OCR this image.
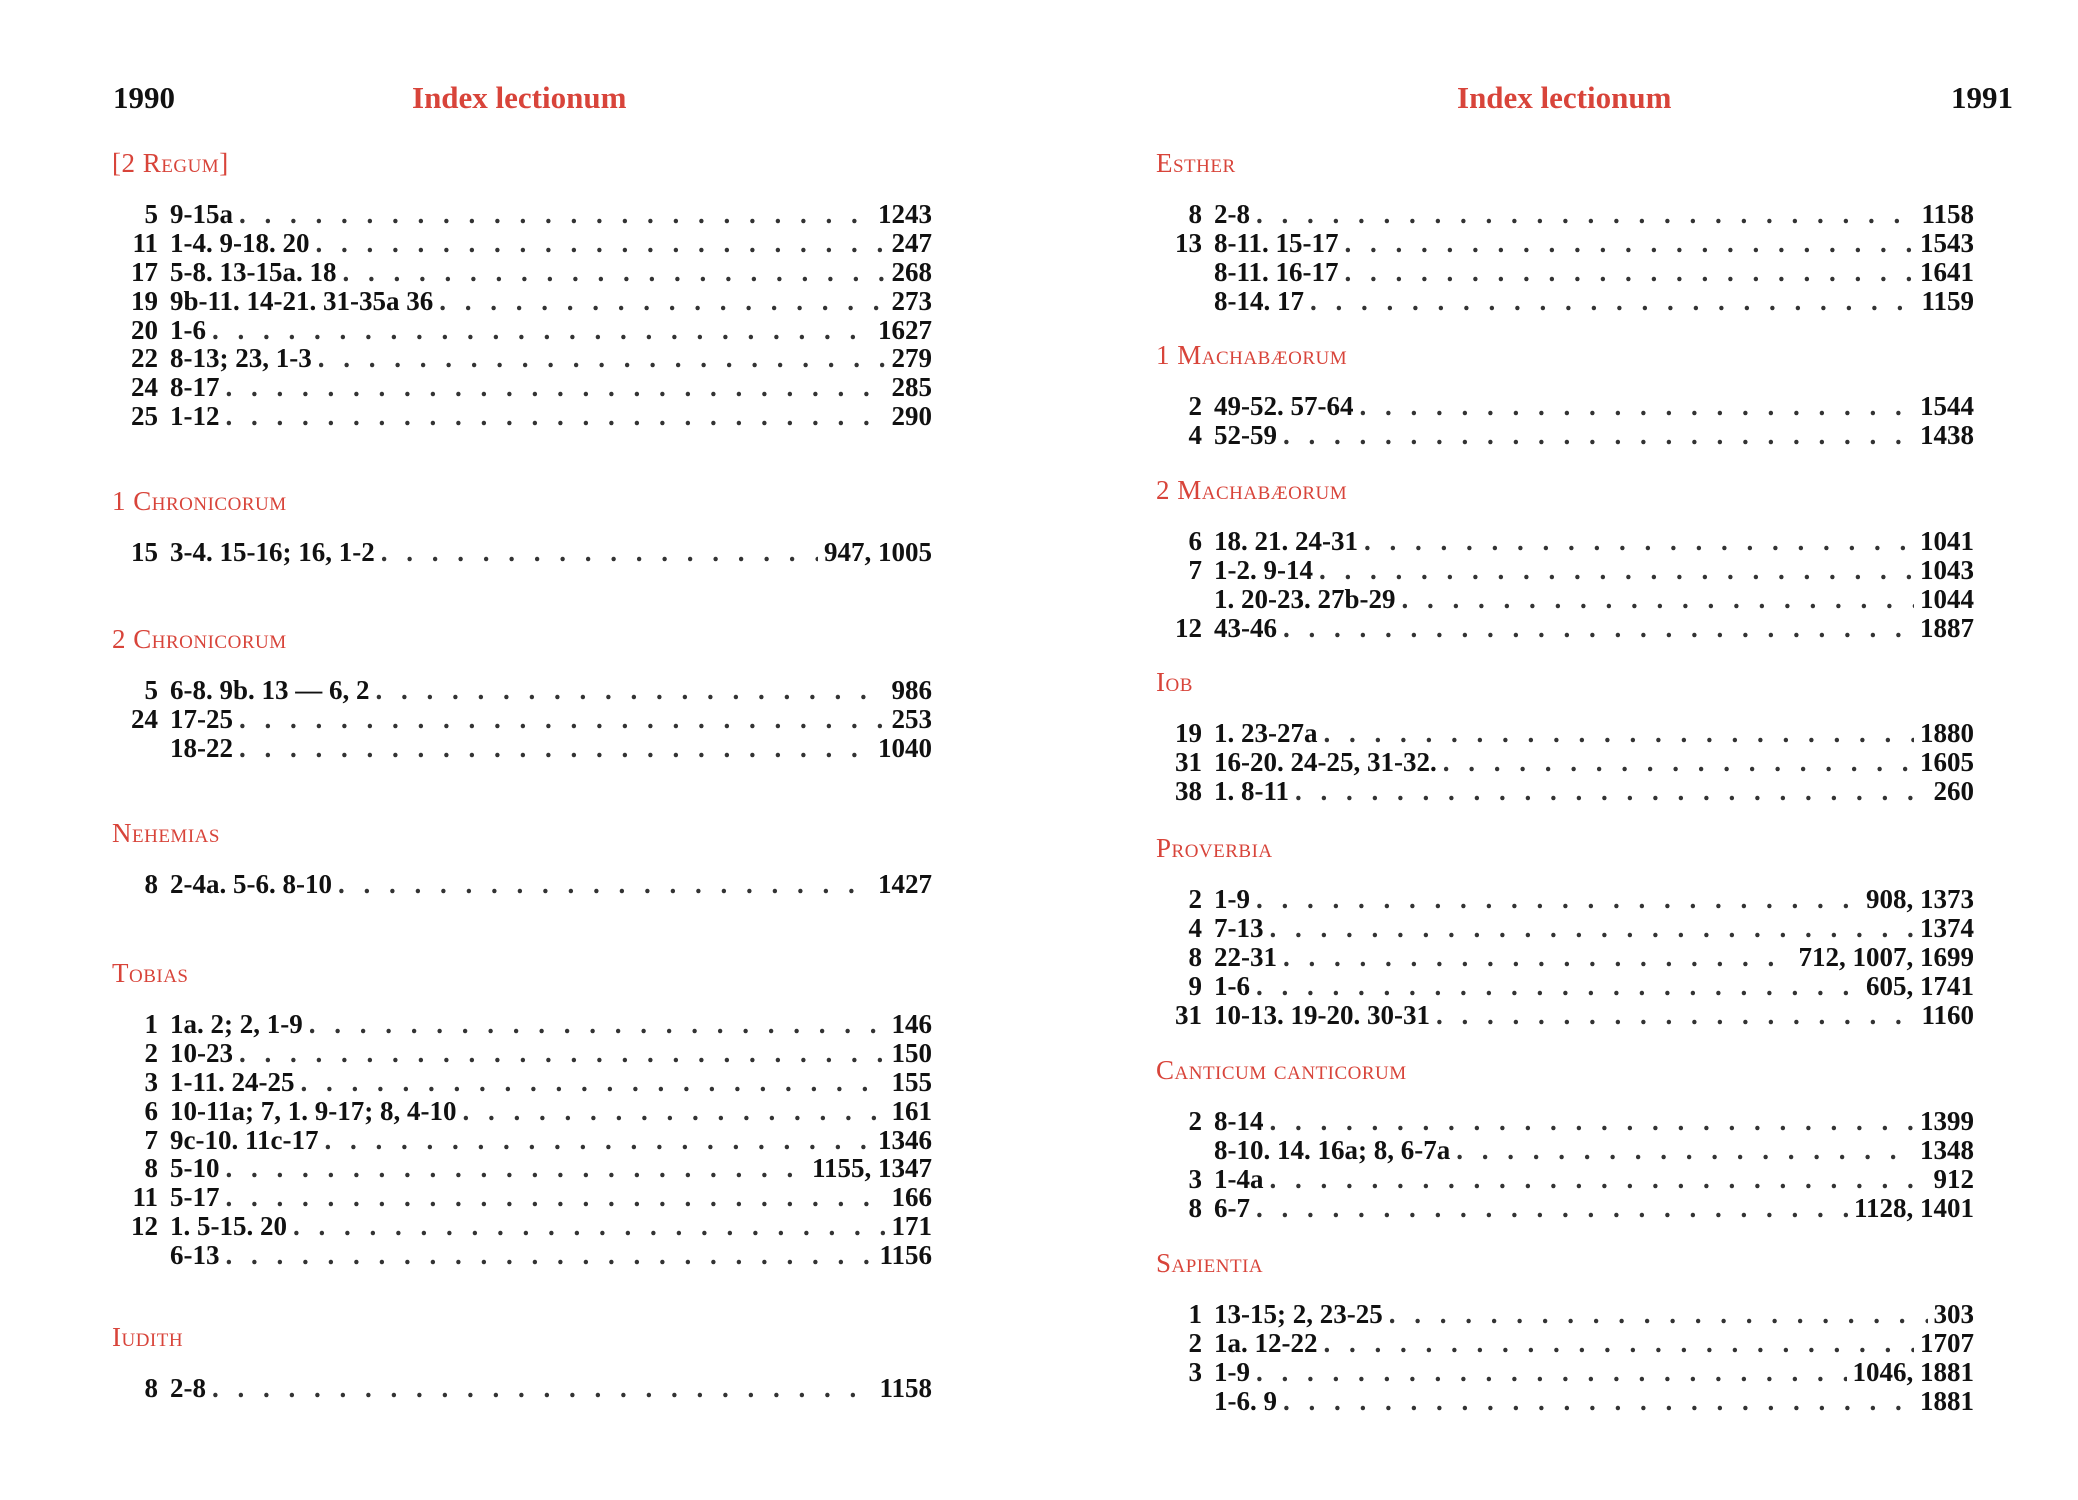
1990	Index lectionum
[2 Regum]
5 9-15a . . .	1243
11 1-4. 9-18. 20 . . .	247
17 5-8. 13-15a. 18 . . .	268
19 9b-11. 14-21. 31-35a 36 . . .	273
20 1-6 . . .	1627
22 8-13; 23, 1-3 . . .	279
24 8-17 . . .	285
25 1-12 . . .	290
1 Chronicorum
15 3-4. 15-16; 16, 1-2 . . .	947, 1005
2 Chronicorum
5 6-8. 9b. 13 — 6, 2 . . .	986
24 17-25 . . .	253
18-22 . . .	1040
Nehemias
8 2-4a. 5-6. 8-10 . . .	1427
Tobias
1 1a. 2; 2, 1-9 . . .	146
2 10-23 . . .	150
3 1-11. 24-25 . . .	155
6 10-11a; 7, 1. 9-17; 8, 4-10 . . .	161
7 9c-10. 11c-17 . . .	1346
8 5-10 . . .	1155, 1347
11 5-17 . . .	166
12 1. 5-15. 20 . . .	171
6-13 . . .	1156
Iudith
8 2-8 . . .	1158
Index lectionum	1991
Esther
8 2-8 . . .	1158
13 8-11. 15-17 . . .	1543
8-11. 16-17 . . .	1641
8-14. 17 . . .	1159
1 Machabæorum
2 49-52. 57-64 . . .	1544
4 52-59 . . .	1438
2 Machabæorum
6 18. 21. 24-31 . . .	1041
7 1-2. 9-14 . . .	1043
1. 20-23. 27b-29 . . .	1044
12 43-46 . . .	1887
Iob
19 1. 23-27a . . .	1880
31 16-20. 24-25, 31-32. . . .	1605
38 1. 8-11 . . .	260
Proverbia
2 1-9 . . .	908, 1373
4 7-13 . . .	1374
8 22-31 . . .	712, 1007, 1699
9 1-6 . . .	605, 1741
31 10-13. 19-20. 30-31 . . .	1160
Canticum canticorum
2 8-14 . . .	1399
8-10. 14. 16a; 8, 6-7a . . .	1348
3 1-4a . . .	912
8 6-7 . . .	1128, 1401
Sapientia
1 13-15; 2, 23-25 . . .	303
2 1a. 12-22 . . .	1707
3 1-9 . . .	1046, 1881
1-6. 9 . . .	1881
